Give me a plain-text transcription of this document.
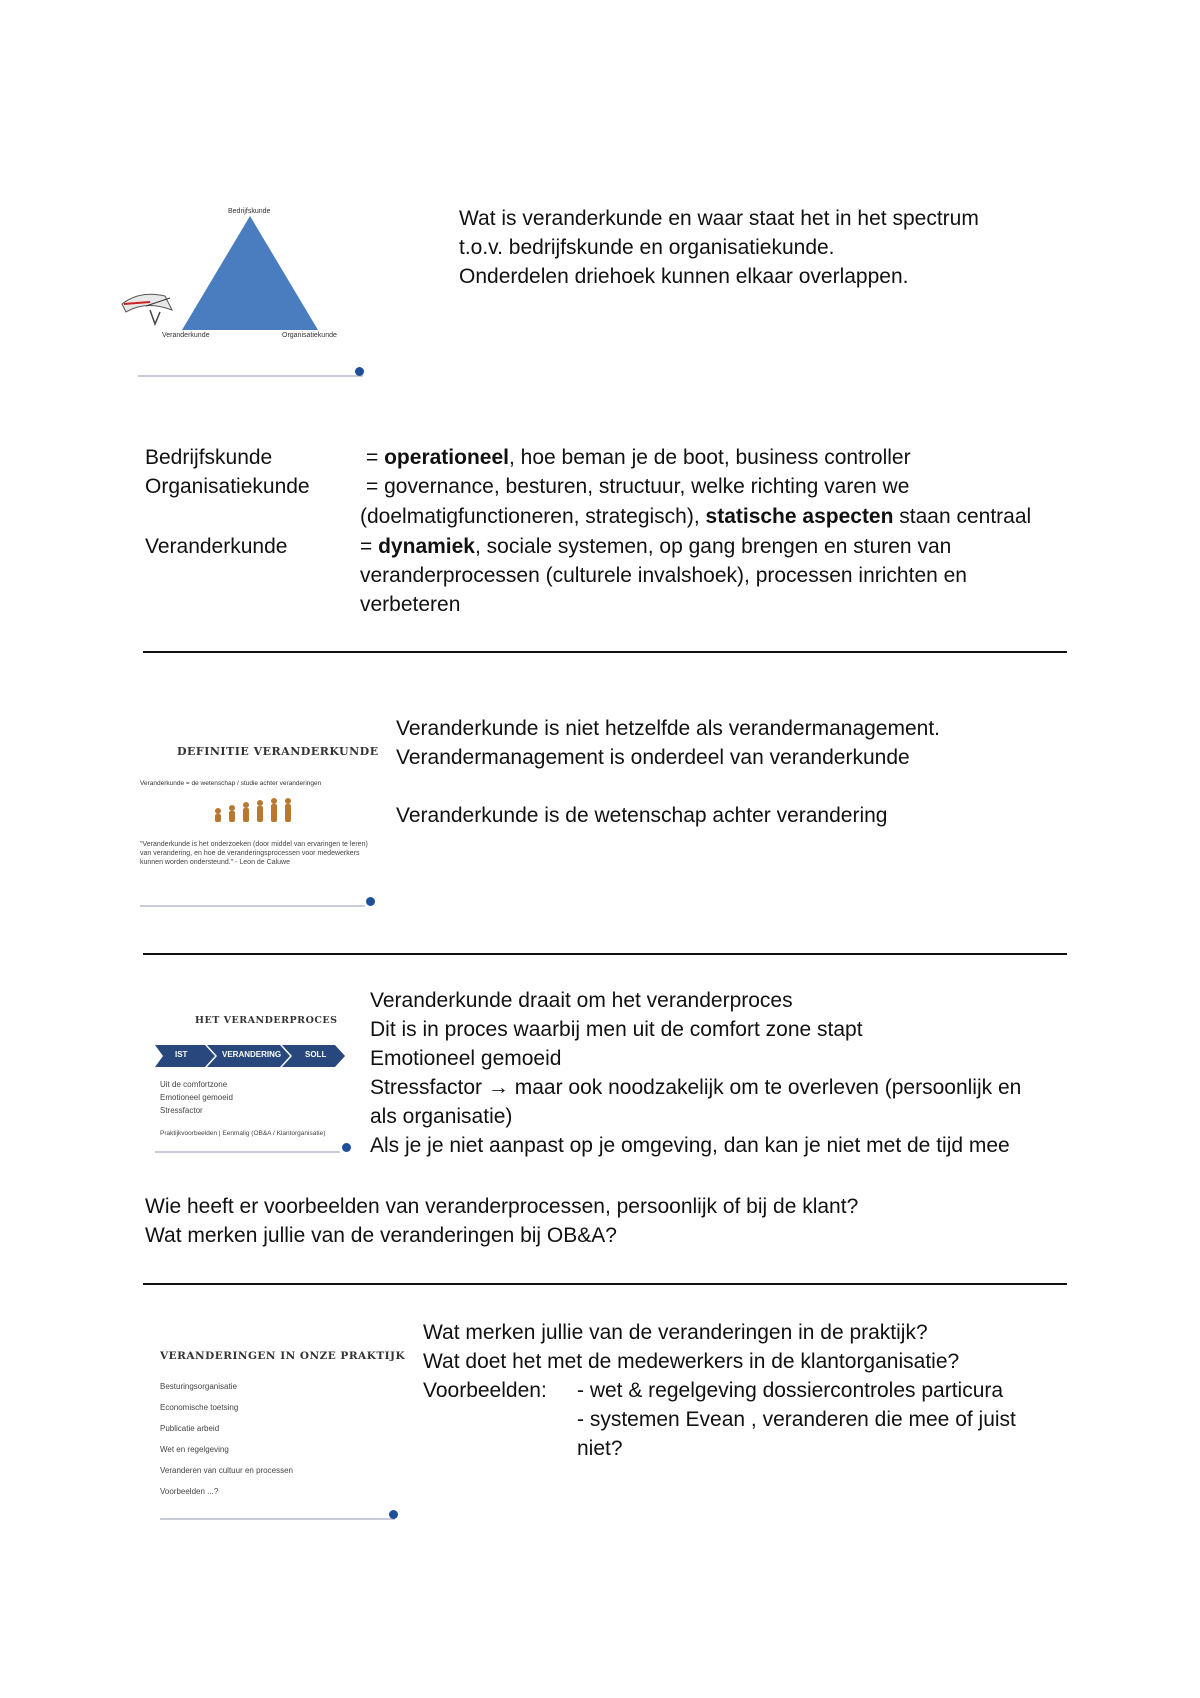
Bedrijfskunde
Veranderkunde	Organisatiekunde
Wat is veranderkunde en waar staat het in het spectrum
t.o.v. bedrijfskunde en organisatiekunde.
Onderdelen driehoek kunnen elkaar overlappen.
Bedrijfskunde	= operationeel, hoe beman je de boot, business controller
Organisatiekunde	= governance, besturen, structuur, welke richting varen we
(doelmatigfunctioneren, strategisch), statische aspecten staan centraal
Veranderkunde	= dynamiek, sociale systemen, op gang brengen en sturen van
veranderprocessen (culturele invalshoek), processen inrichten en
verbeteren
DEFINITIE VERANDERKUNDE
Veranderkunde = de wetenschap / studie achter veranderingen
"Veranderkunde is het onderzoeken (door middel van ervaringen te leren) van verandering, en hoe de veranderingsprocessen voor medewerkers kunnen worden ondersteund." - Leon de Caluwe
Veranderkunde is niet hetzelfde als verandermanagement.
Verandermanagement is onderdeel van veranderkunde
Veranderkunde is de wetenschap achter verandering
HET VERANDERPROCES
IST	VERANDERING	SOLL
Uit de comfortzone
Emotioneel gemoeid
Stressfactor
Praktijkvoorbeelden | Eenmalig (OB&A / Klantorganisatie)
Veranderkunde draait om het veranderproces
Dit is in proces waarbij men uit de comfort zone stapt
Emotioneel gemoeid
Stressfactor → maar ook noodzakelijk om te overleven (persoonlijk en
als organisatie)
Als je je niet aanpast op je omgeving, dan kan je niet met de tijd mee
Wie heeft er voorbeelden van veranderprocessen, persoonlijk of bij de klant?
Wat merken jullie van de veranderingen bij OB&A?
VERANDERINGEN IN ONZE PRAKTIJK
Besturingsorganisatie
Economische toetsing
Publicatie arbeid
Wet en regelgeving
Veranderen van cultuur en processen
Voorbeelden ...?
Wat merken jullie van de veranderingen in de praktijk?
Wat doet het met de medewerkers in de klantorganisatie?
Voorbeelden: - wet & regelgeving dossiercontroles particura
- systemen Evean , veranderen die mee of juist
niet?
